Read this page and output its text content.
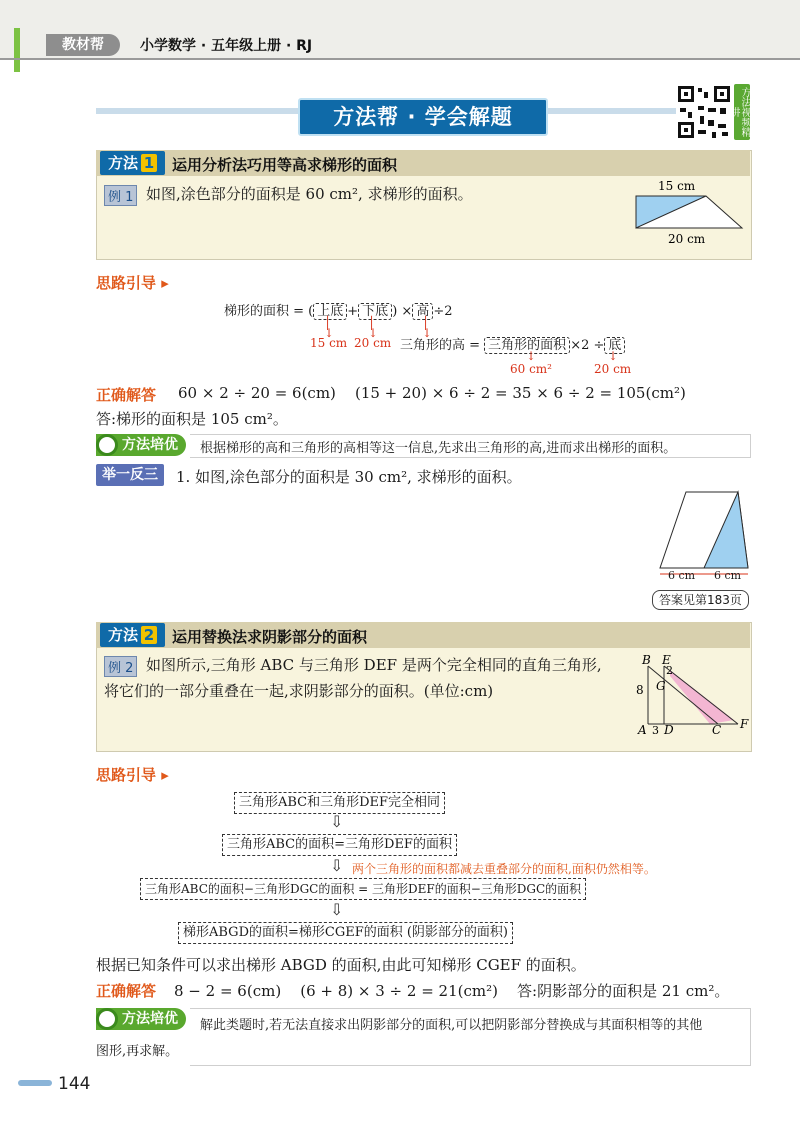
教材帮	小学数学 · 五年级上册 · RJ
方法帮 · 学会解题	方法视频精讲
方法 1	运用分析法巧用等高求梯形的面积
例 1 如图,涂色部分的面积是 60 cm², 求梯形的面积。	15 cm
20 cm
思路引导 ▸
梯形的面积 = ( 上底 + 下底 ) × 高 ÷2
│
↓
│
↓
│
↓
15 cm 20 cm 三角形的高 = 三角形的面积 ×2 ÷ 底
↓	↓
60 cm²	20 cm
正确解答 60 × 2 ÷ 20 = 6(cm)    (15 + 20) × 6 ÷ 2 = 35 × 6 ÷ 2 = 105(cm²)
答:梯形的面积是 105 cm²。
方法培优	根据梯形的高和三角形的高相等这一信息,先求出三角形的高,进而求出梯形的面积。
举一反三	1. 如图,涂色部分的面积是 30 cm², 求梯形的面积。
6 cm 6 cm
答案见第183页
方法 2	运用替换法求阴影部分的面积
例 2 如图所示,三角形 ABC 与三角形 DEF 是两个完全相同的直角三角形,
将它们的一部分重叠在一起,求阴影部分的面积。(单位:cm)
B E
G
2
8
A 3 D	C F
思路引导 ▸
三角形ABC和三角形DEF完全相同
⇩
三角形ABC的面积=三角形DEF的面积
⇩ 两个三角形的面积都减去重叠部分的面积,面积仍然相等。
三角形ABC的面积−三角形DGC的面积 = 三角形DEF的面积−三角形DGC的面积
⇩
梯形ABGD的面积=梯形CGEF的面积 (阴影部分的面积)
根据已知条件可以求出梯形 ABGD 的面积,由此可知梯形 CGEF 的面积。
正确解答 8 − 2 = 6(cm)    (6 + 8) × 3 ÷ 2 = 21(cm²)    答:阴影部分的面积是 21 cm²。
方法培优	解此类题时,若无法直接求出阴影部分的面积,可以把阴影部分替换成与其面积相等的其他
图形,再求解。
144
